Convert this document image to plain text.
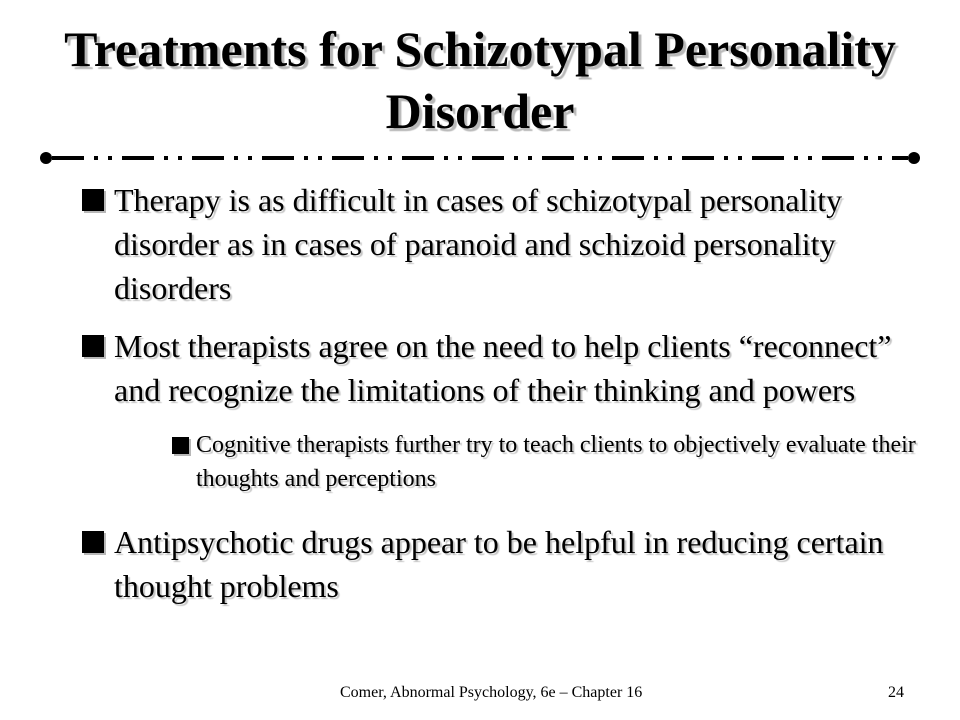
Treatments for Schizotypal Personality Disorder
Therapy is as difficult in cases of schizotypal personality disorder as in cases of paranoid and schizoid personality disorders
Most therapists agree on the need to help clients “reconnect” and recognize the limitations of their thinking and powers
Cognitive therapists further try to teach clients to objectively evaluate their thoughts and perceptions
Antipsychotic drugs appear to be helpful in reducing certain thought problems
Comer, Abnormal Psychology, 6e – Chapter 16	24
